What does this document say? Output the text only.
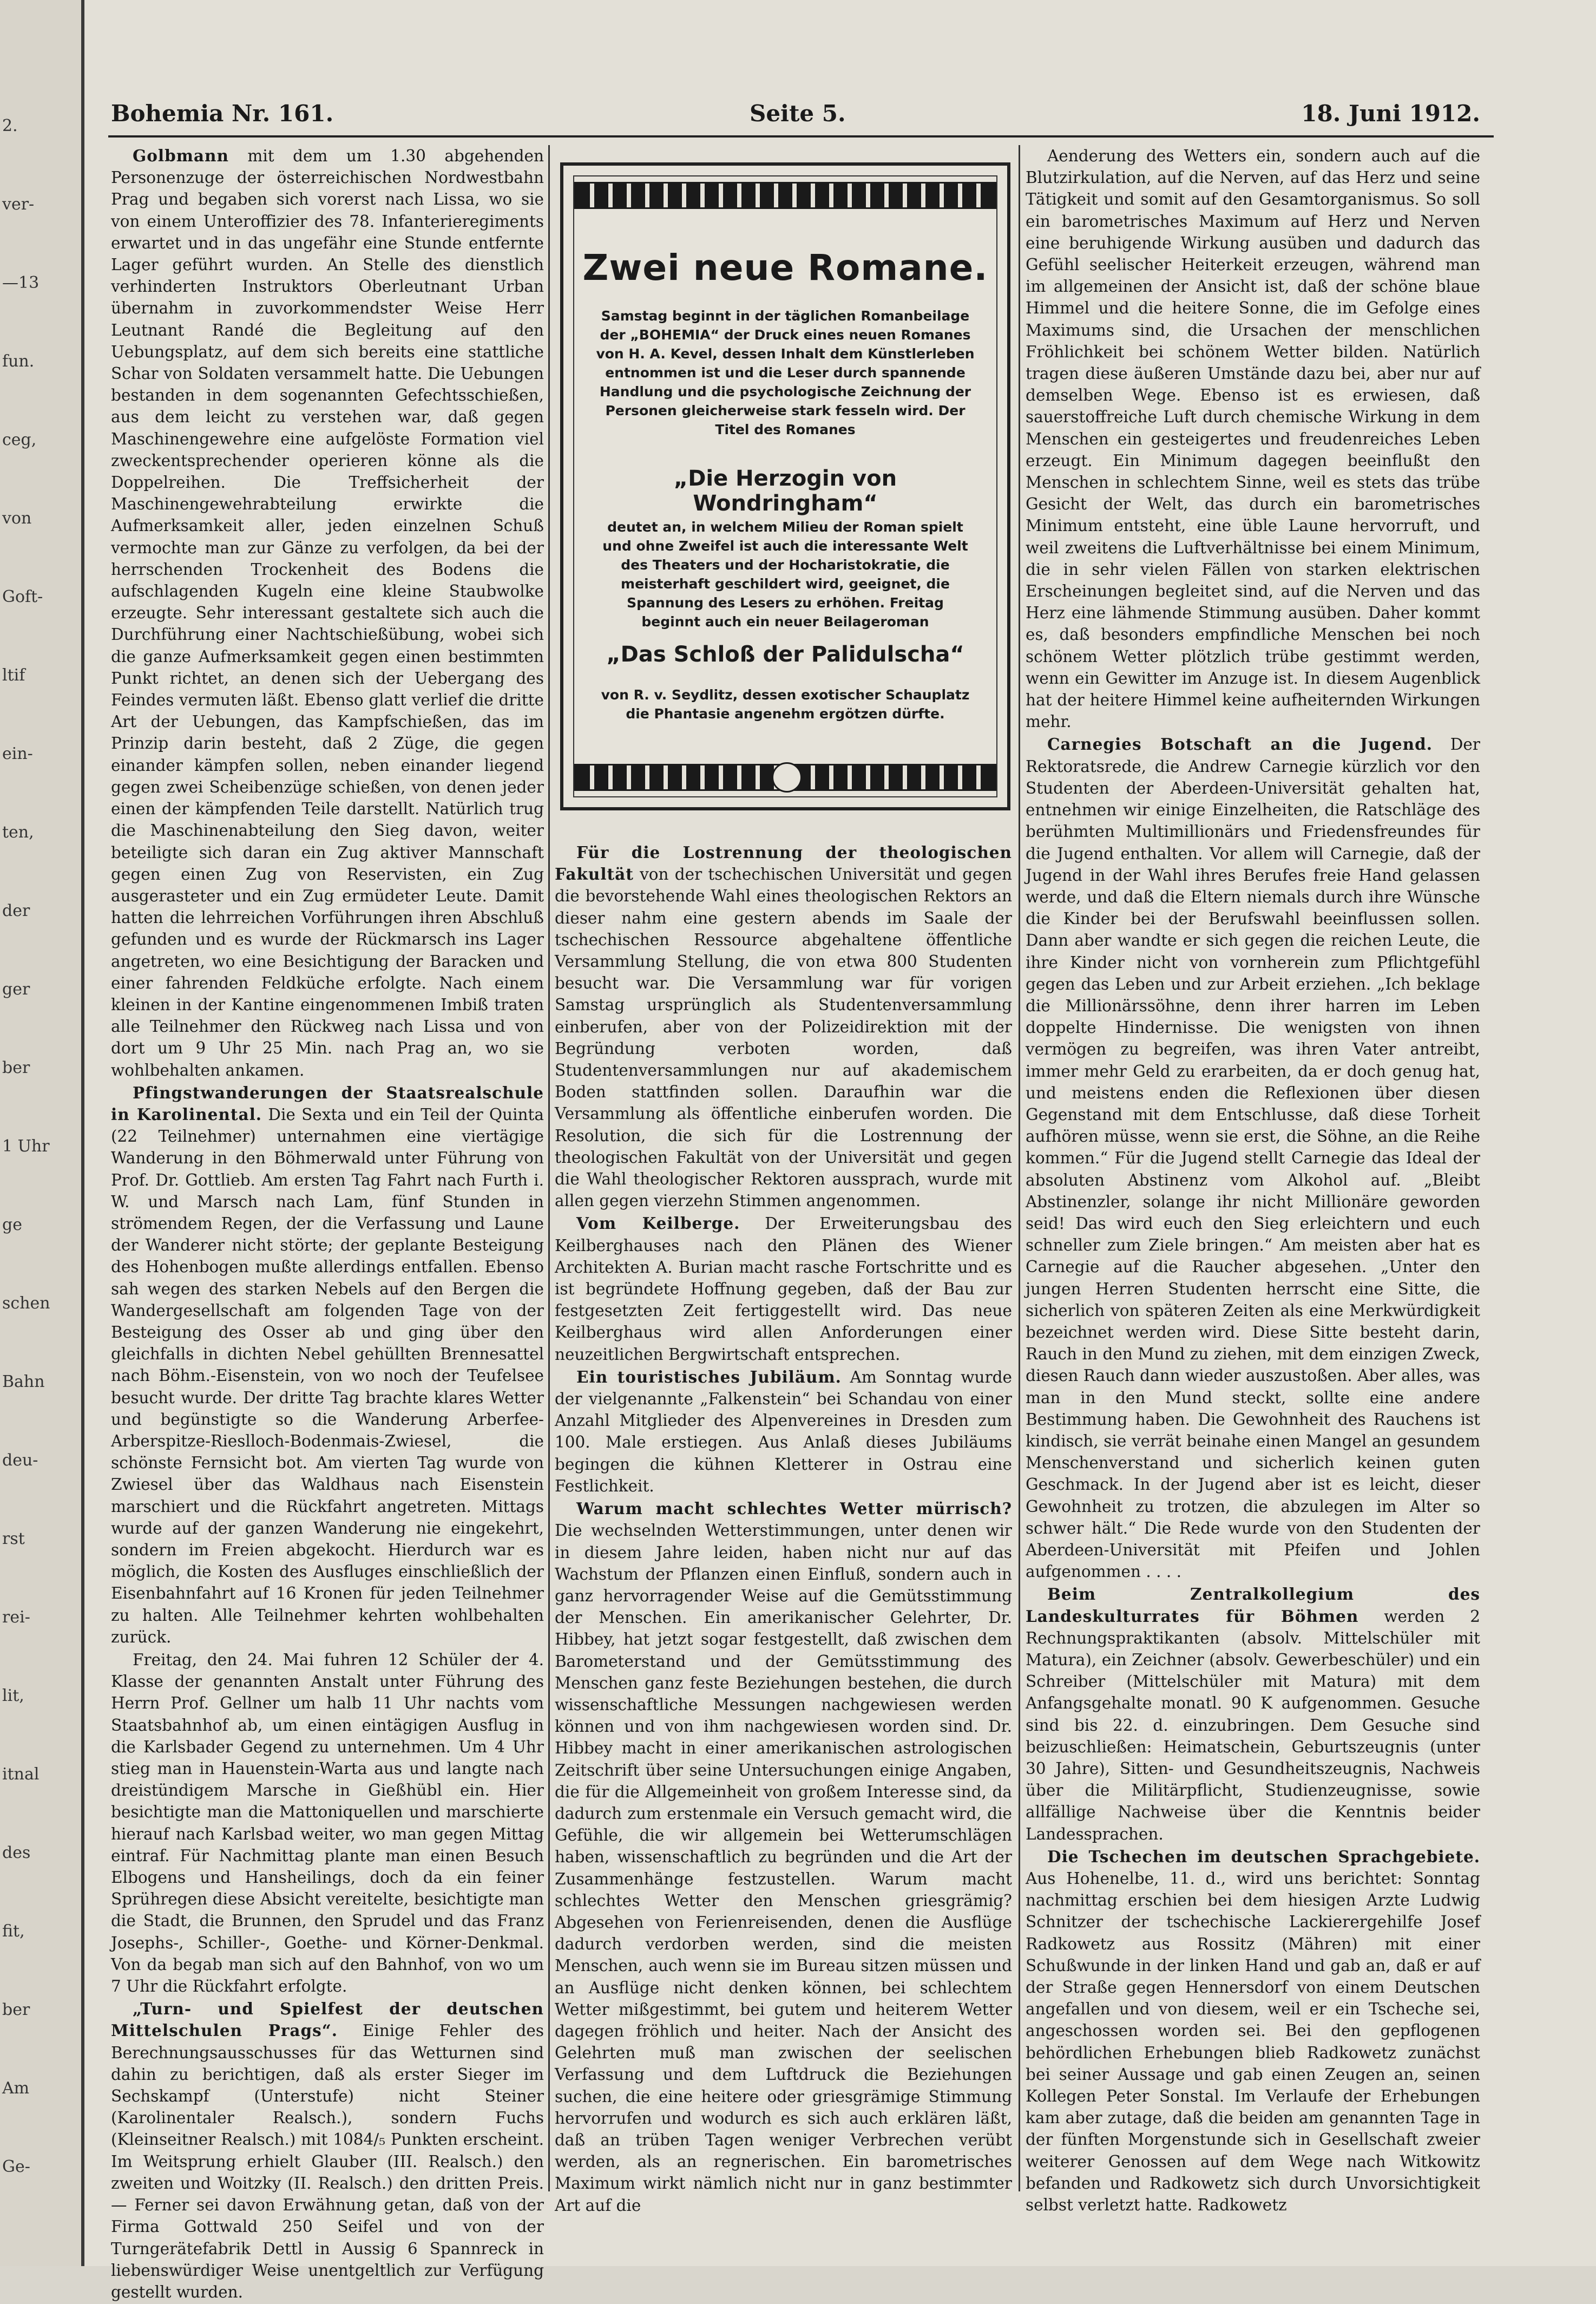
2.
ver-
—13
fun.
ceg,
von
Goft-
ltif
ein-
ten,
der
ger
ber
1 Uhr
ge
schen
Bahn
deu-
rst
rei-
lit,
itnal
des
fit,
ber
Am
Ge-
Bohemia Nr. 161.	Seite 5.	18. Juni 1912.

Golbmann mit dem um 1.30 abgehenden Personenzuge der österreichischen Nordwestbahn Prag und begaben sich vorerst nach Lissa, wo sie von einem Unteroffizier des 78. Infanterieregiments erwartet und in das ungefähr eine Stunde entfernte Lager geführt wurden. An Stelle des dienstlich verhinderten Instruktors Oberleutnant Urban übernahm in zuvorkommendster Weise Herr Leutnant Randé die Begleitung auf den Uebungsplatz, auf dem sich bereits eine stattliche Schar von Soldaten versammelt hatte. Die Uebungen bestanden in dem sogenannten Gefechtsschießen, aus dem leicht zu verstehen war, daß gegen Maschinengewehre eine aufgelöste Formation viel zweckentsprechender operieren könne als die Doppelreihen. Die Treffsicherheit der Maschinengewehrabteilung erwirkte die Aufmerksamkeit aller, jeden einzelnen Schuß vermochte man zur Gänze zu verfolgen, da bei der herrschenden Trockenheit des Bodens die aufschlagenden Kugeln eine kleine Staubwolke erzeugte. Sehr interessant gestaltete sich auch die Durchführung einer Nachtschießübung, wobei sich die ganze Aufmerksamkeit gegen einen bestimmten Punkt richtet, an denen sich der Uebergang des Feindes vermuten läßt. Ebenso glatt verlief die dritte Art der Uebungen, das Kampfschießen, das im Prinzip darin besteht, daß 2 Züge, die gegen einander kämpfen sollen, neben einander liegend gegen zwei Scheibenzüge schießen, von denen jeder einen der kämpfenden Teile darstellt. Natürlich trug die Maschinenabteilung den Sieg davon, weiter beteiligte sich daran ein Zug aktiver Mannschaft gegen einen Zug von Reservisten, ein Zug ausgerasteter und ein Zug ermüdeter Leute. Damit hatten die lehrreichen Vorführungen ihren Abschluß gefunden und es wurde der Rückmarsch ins Lager angetreten, wo eine Besichtigung der Baracken und einer fahrenden Feldküche erfolgte. Nach einem kleinen in der Kantine eingenommenen Imbiß traten alle Teilnehmer den Rückweg nach Lissa und von dort um 9 Uhr 25 Min. nach Prag an, wo sie wohlbehalten ankamen.

Pfingstwanderungen der Staatsrealschule in Karolinental. Die Sexta und ein Teil der Quinta (22 Teilnehmer) unternahmen eine viertägige Wanderung in den Böhmerwald unter Führung von Prof. Dr. Gottlieb. Am ersten Tag Fahrt nach Furth i. W. und Marsch nach Lam, fünf Stunden in strömendem Regen, der die Verfassung und Laune der Wanderer nicht störte; der geplante Besteigung des Hohenbogen mußte allerdings entfallen. Ebenso sah wegen des starken Nebels auf den Bergen die Wandergesellschaft am folgenden Tage von der Besteigung des Osser ab und ging über den gleichfalls in dichten Nebel gehüllten Brennesattel nach Böhm.-Eisenstein, von wo noch der Teufelsee besucht wurde. Der dritte Tag brachte klares Wetter und begünstigte so die Wanderung Arberfee-Arberspitze-Rieslloch-Bodenmais-Zwiesel, die schönste Fernsicht bot. Am vierten Tag wurde von Zwiesel über das Waldhaus nach Eisenstein marschiert und die Rückfahrt angetreten. Mittags wurde auf der ganzen Wanderung nie eingekehrt, sondern im Freien abgekocht. Hierdurch war es möglich, die Kosten des Ausfluges einschließlich der Eisenbahnfahrt auf 16 Kronen für jeden Teilnehmer zu halten. Alle Teilnehmer kehrten wohlbehalten zurück.

Freitag, den 24. Mai fuhren 12 Schüler der 4. Klasse der genannten Anstalt unter Führung des Herrn Prof. Gellner um halb 11 Uhr nachts vom Staatsbahnhof ab, um einen eintägigen Ausflug in die Karlsbader Gegend zu unternehmen. Um 4 Uhr stieg man in Hauenstein-Warta aus und langte nach dreistündigem Marsche in Gießhübl ein. Hier besichtigte man die Mattoniquellen und marschierte hierauf nach Karlsbad weiter, wo man gegen Mittag eintraf. Für Nachmittag plante man einen Besuch Elbogens und Hansheilings, doch da ein feiner Sprühregen diese Absicht vereitelte, besichtigte man die Stadt, die Brunnen, den Sprudel und das Franz Josephs-, Schiller-, Goethe- und Körner-Denkmal. Von da begab man sich auf den Bahnhof, von wo um 7 Uhr die Rückfahrt erfolgte.

„Turn- und Spielfest der deutschen Mittelschulen Prags“. Einige Fehler des Berechnungsausschusses für das Wetturnen sind dahin zu berichtigen, daß als erster Sieger im Sechskampf (Unterstufe) nicht Steiner (Karolinentaler Realsch.), sondern Fuchs (Kleinseitner Realsch.) mit 1084/₅ Punkten erscheint. Im Weitsprung erhielt Glauber (III. Realsch.) den zweiten und Woitzky (II. Realsch.) den dritten Preis. — Ferner sei davon Erwähnung getan, daß von der Firma Gottwald 250 Seifel und von der Turngerätefabrik Dettl in Aussig 6 Spannreck in liebenswürdiger Weise unentgeltlich zur Verfügung gestellt wurden.

Zwei neue Romane.
Samstag beginnt in der täglichen Romanbeilage der „BOHEMIA“ der Druck eines neuen Romanes von H. A. Kevel, dessen Inhalt dem Künstlerleben entnommen ist und die Leser durch spannende Handlung und die psychologische Zeichnung der Personen gleicherweise stark fesseln wird. Der Titel des Romanes
„Die Herzogin von Wondringham“
deutet an, in welchem Milieu der Roman spielt und ohne Zweifel ist auch die interessante Welt des Theaters und der Hocharistokratie, die meisterhaft geschildert wird, geeignet, die Spannung des Lesers zu erhöhen. Freitag beginnt auch ein neuer Beilageroman
„Das Schloß der Palidulscha“
von R. v. Seydlitz, dessen exotischer Schauplatz die Phantasie angenehm ergötzen dürfte.

Für die Lostrennung der theologischen Fakultät von der tschechischen Universität und gegen die bevorstehende Wahl eines theologischen Rektors an dieser nahm eine gestern abends im Saale der tschechischen Ressource abgehaltene öffentliche Versammlung Stellung, die von etwa 800 Studenten besucht war. Die Versammlung war für vorigen Samstag ursprünglich als Studentenversammlung einberufen, aber von der Polizeidirektion mit der Begründung verboten worden, daß Studentenversammlungen nur auf akademischem Boden stattfinden sollen. Daraufhin war die Versammlung als öffentliche einberufen worden. Die Resolution, die sich für die Lostrennung der theologischen Fakultät von der Universität und gegen die Wahl theologischer Rektoren aussprach, wurde mit allen gegen vierzehn Stimmen angenommen.

Vom Keilberge. Der Erweiterungsbau des Keilberghauses nach den Plänen des Wiener Architekten A. Burian macht rasche Fortschritte und es ist begründete Hoffnung gegeben, daß der Bau zur festgesetzten Zeit fertiggestellt wird. Das neue Keilberghaus wird allen Anforderungen einer neuzeitlichen Bergwirtschaft entsprechen.

Ein touristisches Jubiläum. Am Sonntag wurde der vielgenannte „Falkenstein“ bei Schandau von einer Anzahl Mitglieder des Alpenvereines in Dresden zum 100. Male erstiegen. Aus Anlaß dieses Jubiläums begingen die kühnen Kletterer in Ostrau eine Festlichkeit.

Warum macht schlechtes Wetter mürrisch? Die wechselnden Wetterstimmungen, unter denen wir in diesem Jahre leiden, haben nicht nur auf das Wachstum der Pflanzen einen Einfluß, sondern auch in ganz hervorragender Weise auf die Gemütsstimmung der Menschen. Ein amerikanischer Gelehrter, Dr. Hibbey, hat jetzt sogar festgestellt, daß zwischen dem Barometerstand und der Gemütsstimmung des Menschen ganz feste Beziehungen bestehen, die durch wissenschaftliche Messungen nachgewiesen werden können und von ihm nachgewiesen worden sind. Dr. Hibbey macht in einer amerikanischen astrologischen Zeitschrift über seine Untersuchungen einige Angaben, die für die Allgemeinheit von großem Interesse sind, da dadurch zum erstenmale ein Versuch gemacht wird, die Gefühle, die wir allgemein bei Wetterumschlägen haben, wissenschaftlich zu begründen und die Art der Zusammenhänge festzustellen. Warum macht schlechtes Wetter den Menschen griesgrämig? Abgesehen von Ferienreisenden, denen die Ausflüge dadurch verdorben werden, sind die meisten Menschen, auch wenn sie im Bureau sitzen müssen und an Ausflüge nicht denken können, bei schlechtem Wetter mißgestimmt, bei gutem und heiterem Wetter dagegen fröhlich und heiter. Nach der Ansicht des Gelehrten muß man zwischen der seelischen Verfassung und dem Luftdruck die Beziehungen suchen, die eine heitere oder griesgrämige Stimmung hervorrufen und wodurch es sich auch erklären läßt, daß an trüben Tagen weniger Verbrechen verübt werden, als an regnerischen. Ein barometrisches Maximum wirkt nämlich nicht nur in ganz bestimmter Art auf die

Aenderung des Wetters ein, sondern auch auf die Blutzirkulation, auf die Nerven, auf das Herz und seine Tätigkeit und somit auf den Gesamtorganismus. So soll ein barometrisches Maximum auf Herz und Nerven eine beruhigende Wirkung ausüben und dadurch das Gefühl seelischer Heiterkeit erzeugen, während man im allgemeinen der Ansicht ist, daß der schöne blaue Himmel und die heitere Sonne, die im Gefolge eines Maximums sind, die Ursachen der menschlichen Fröhlichkeit bei schönem Wetter bilden. Natürlich tragen diese äußeren Umstände dazu bei, aber nur auf demselben Wege. Ebenso ist es erwiesen, daß sauerstoffreiche Luft durch chemische Wirkung in dem Menschen ein gesteigertes und freudenreiches Leben erzeugt. Ein Minimum dagegen beeinflußt den Menschen in schlechtem Sinne, weil es stets das trübe Gesicht der Welt, das durch ein barometrisches Minimum entsteht, eine üble Laune hervorruft, und weil zweitens die Luftverhältnisse bei einem Minimum, die in sehr vielen Fällen von starken elektrischen Erscheinungen begleitet sind, auf die Nerven und das Herz eine lähmende Stimmung ausüben. Daher kommt es, daß besonders empfindliche Menschen bei noch schönem Wetter plötzlich trübe gestimmt werden, wenn ein Gewitter im Anzuge ist. In diesem Augenblick hat der heitere Himmel keine aufheiternden Wirkungen mehr.

Carnegies Botschaft an die Jugend. Der Rektoratsrede, die Andrew Carnegie kürzlich vor den Studenten der Aberdeen-Universität gehalten hat, entnehmen wir einige Einzelheiten, die Ratschläge des berühmten Multimillionärs und Friedensfreundes für die Jugend enthalten. Vor allem will Carnegie, daß der Jugend in der Wahl ihres Berufes freie Hand gelassen werde, und daß die Eltern niemals durch ihre Wünsche die Kinder bei der Berufswahl beeinflussen sollen. Dann aber wandte er sich gegen die reichen Leute, die ihre Kinder nicht von vornherein zum Pflichtgefühl gegen das Leben und zur Arbeit erziehen. „Ich beklage die Millionärssöhne, denn ihrer harren im Leben doppelte Hindernisse. Die wenigsten von ihnen vermögen zu begreifen, was ihren Vater antreibt, immer mehr Geld zu erarbeiten, da er doch genug hat, und meistens enden die Reflexionen über diesen Gegenstand mit dem Entschlusse, daß diese Torheit aufhören müsse, wenn sie erst, die Söhne, an die Reihe kommen.“ Für die Jugend stellt Carnegie das Ideal der absoluten Abstinenz vom Alkohol auf. „Bleibt Abstinenzler, solange ihr nicht Millionäre geworden seid! Das wird euch den Sieg erleichtern und euch schneller zum Ziele bringen.“ Am meisten aber hat es Carnegie auf die Raucher abgesehen. „Unter den jungen Herren Studenten herrscht eine Sitte, die sicherlich von späteren Zeiten als eine Merkwürdigkeit bezeichnet werden wird. Diese Sitte besteht darin, Rauch in den Mund zu ziehen, mit dem einzigen Zweck, diesen Rauch dann wieder auszustoßen. Aber alles, was man in den Mund steckt, sollte eine andere Bestimmung haben. Die Gewohnheit des Rauchens ist kindisch, sie verrät beinahe einen Mangel an gesundem Menschenverstand und sicherlich keinen guten Geschmack. In der Jugend aber ist es leicht, dieser Gewohnheit zu trotzen, die abzulegen im Alter so schwer hält.“ Die Rede wurde von den Studenten der Aberdeen-Universität mit Pfeifen und Johlen aufgenommen . . . .

Beim Zentralkollegium des Landeskulturrates für Böhmen werden 2 Rechnungspraktikanten (absolv. Mittelschüler mit Matura), ein Zeichner (absolv. Gewerbeschüler) und ein Schreiber (Mittelschüler mit Matura) mit dem Anfangsgehalte monatl. 90 K aufgenommen. Gesuche sind bis 22. d. einzubringen. Dem Gesuche sind beizuschließen: Heimatschein, Geburtszeugnis (unter 30 Jahre), Sitten- und Gesundheitszeugnis, Nachweis über die Militärpflicht, Studienzeugnisse, sowie allfällige Nachweise über die Kenntnis beider Landessprachen.

Die Tschechen im deutschen Sprachgebiete. Aus Hohenelbe, 11. d., wird uns berichtet: Sonntag nachmittag erschien bei dem hiesigen Arzte Ludwig Schnitzer der tschechische Lackierergehilfe Josef Radkowetz aus Rossitz (Mähren) mit einer Schußwunde in der linken Hand und gab an, daß er auf der Straße gegen Hennersdorf von einem Deutschen angefallen und von diesem, weil er ein Tscheche sei, angeschossen worden sei. Bei den gepflogenen behördlichen Erhebungen blieb Radkowetz zunächst bei seiner Aussage und gab einen Zeugen an, seinen Kollegen Peter Sonstal. Im Verlaufe der Erhebungen kam aber zutage, daß die beiden am genannten Tage in der fünften Morgenstunde sich in Gesellschaft zweier weiterer Genossen auf dem Wege nach Witkowitz befanden und Radkowetz sich durch Unvorsichtigkeit selbst verletzt hatte. Radkowetz
